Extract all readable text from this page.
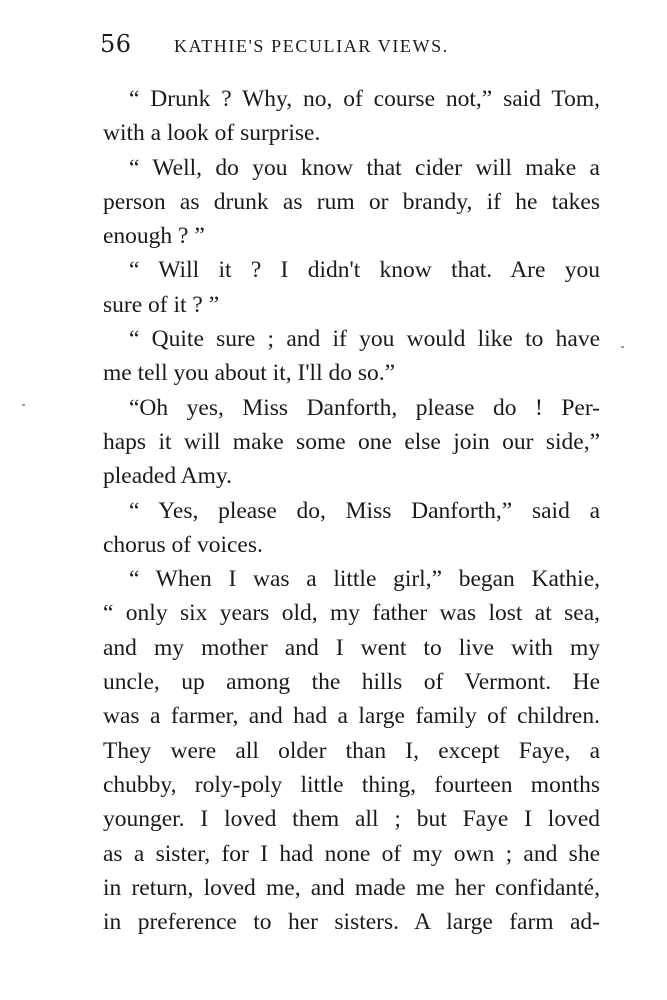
56 KATHIE'S PECULIAR VIEWS.
“ Drunk ? Why, no, of course not,” said Tom,
with a look of surprise.
“ Well, do you know that cider will make a
person as drunk as rum or brandy, if he takes
enough ? ”
“ Will it ? I didn't know that. Are you
sure of it ? ”
“ Quite sure ; and if you would like to have
me tell you about it, I'll do so.”
“Oh yes, Miss Danforth, please do ! Per-
haps it will make some one else join our side,”
pleaded Amy.
“ Yes, please do, Miss Danforth,” said a
chorus of voices.
“ When I was a little girl,” began Kathie,
“ only six years old, my father was lost at sea,
and my mother and I went to live with my
uncle, up among the hills of Vermont. He
was a farmer, and had a large family of children.
They were all older than I, except Faye, a
chubby, roly-poly little thing, fourteen months
younger. I loved them all ; but Faye I loved
as a sister, for I had none of my own ; and she
in return, loved me, and made me her confidanté,
in preference to her sisters. A large farm ad-
